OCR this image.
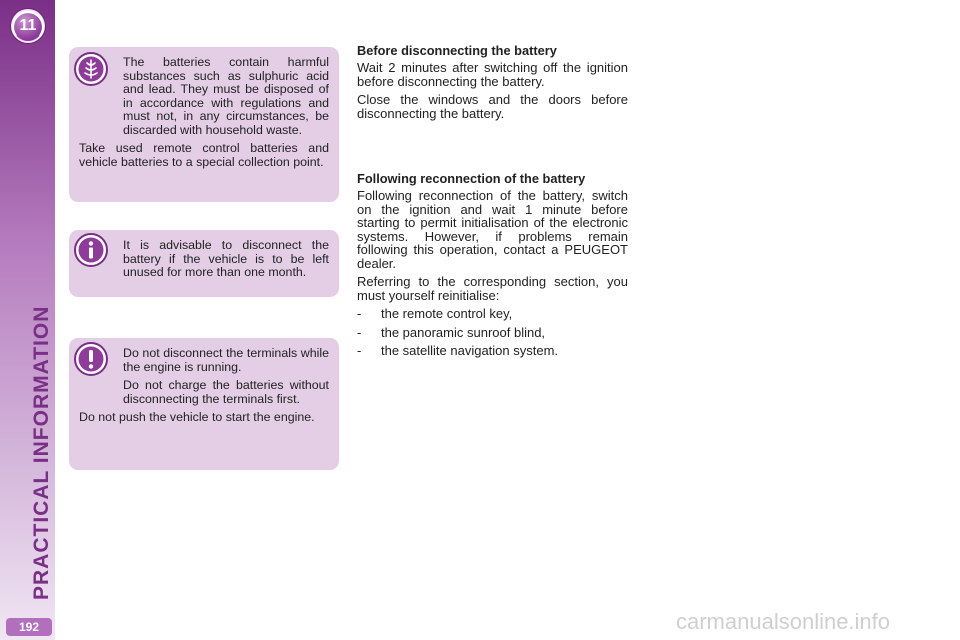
11
PRACTICAL INFORMATION
192

The batteries contain harmful substances such as sulphuric acid and lead. They must be disposed of in accordance with regulations and must not, in any circumstances, be discarded with household waste.

Take used remote control batteries and vehicle batteries to a special collection point.

It is advisable to disconnect the battery if the vehicle is to be left unused for more than one month.

Do not disconnect the terminals while the engine is running.

Do not charge the batteries without disconnecting the terminals first.

Do not push the vehicle to start the engine.

Before disconnecting the battery

Wait 2 minutes after switching off the ignition before disconnecting the battery.

Close the windows and the doors before disconnecting the battery.

Following reconnection of the battery

Following reconnection of the battery, switch on the ignition and wait 1 minute before starting to permit initialisation of the electronic systems. However, if problems remain following this operation, contact a PEUGEOT dealer.

Referring to the corresponding section, you must yourself reinitialise:

- the remote control key,
- the panoramic sunroof blind,
- the satellite navigation system.
carmanualsonline.info
